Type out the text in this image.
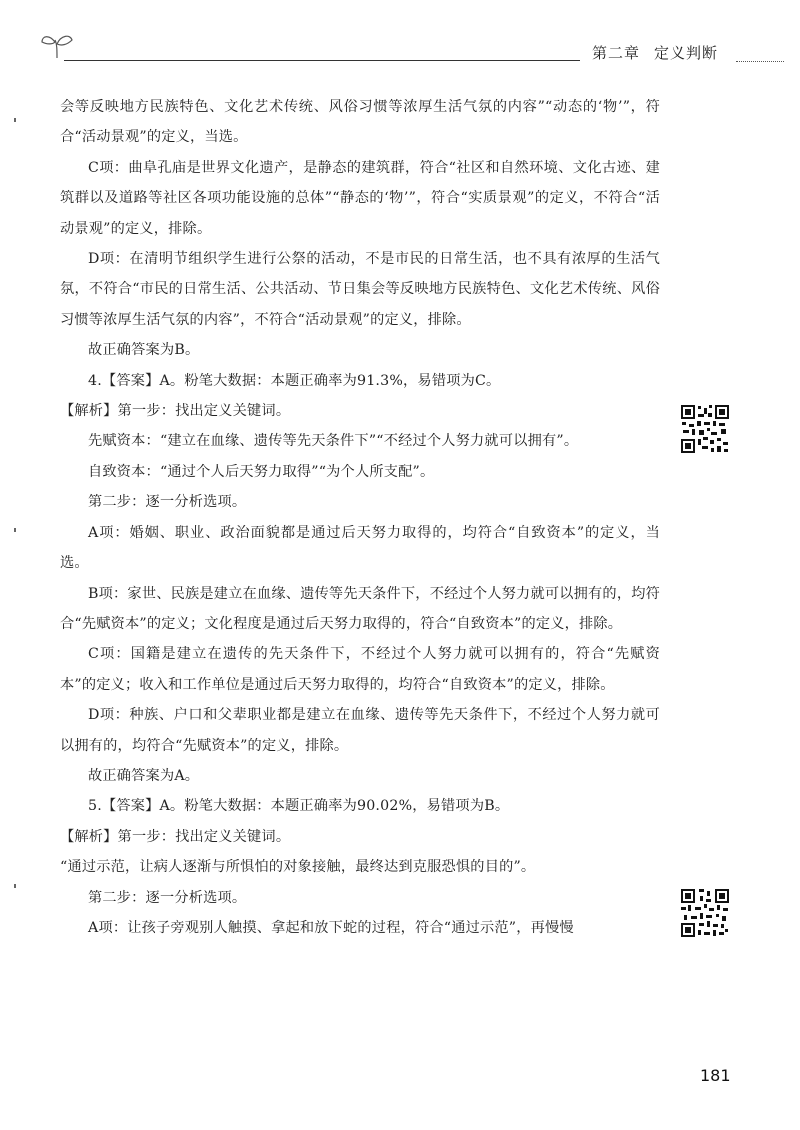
第二章 定义判断

会等反映地方民族特色、文化艺术传统、风俗习惯等浓厚生活气氛的内容”“动态的‘物’”，符合“活动景观”的定义，当选。

C项：曲阜孔庙是世界文化遗产，是静态的建筑群，符合“社区和自然环境、文化古迹、建筑群以及道路等社区各项功能设施的总体”“静态的‘物’”，符合“实质景观”的定义，不符合“活动景观”的定义，排除。

D项：在清明节组织学生进行公祭的活动，不是市民的日常生活，也不具有浓厚的生活气氛，不符合“市民的日常生活、公共活动、节日集会等反映地方民族特色、文化艺术传统、风俗习惯等浓厚生活气氛的内容”，不符合“活动景观”的定义，排除。

故正确答案为B。

4.【答案】A。粉笔大数据：本题正确率为91.3%，易错项为C。

【解析】第一步：找出定义关键词。

先赋资本：“建立在血缘、遗传等先天条件下”“不经过个人努力就可以拥有”。

自致资本：“通过个人后天努力取得”“为个人所支配”。

第二步：逐一分析选项。

A项：婚姻、职业、政治面貌都是通过后天努力取得的，均符合“自致资本”的定义，当选。

B项：家世、民族是建立在血缘、遗传等先天条件下，不经过个人努力就可以拥有的，均符合“先赋资本”的定义；文化程度是通过后天努力取得的，符合“自致资本”的定义，排除。

C项：国籍是建立在遗传的先天条件下，不经过个人努力就可以拥有的，符合“先赋资本”的定义；收入和工作单位是通过后天努力取得的，均符合“自致资本”的定义，排除。

D项：种族、户口和父辈职业都是建立在血缘、遗传等先天条件下，不经过个人努力就可以拥有的，均符合“先赋资本”的定义，排除。

故正确答案为A。

5.【答案】A。粉笔大数据：本题正确率为90.02%，易错项为B。

【解析】第一步：找出定义关键词。

“通过示范，让病人逐渐与所惧怕的对象接触，最终达到克服恐惧的目的”。

第二步：逐一分析选项。

A项：让孩子旁观别人触摸、拿起和放下蛇的过程，符合“通过示范”，再慢慢

181
